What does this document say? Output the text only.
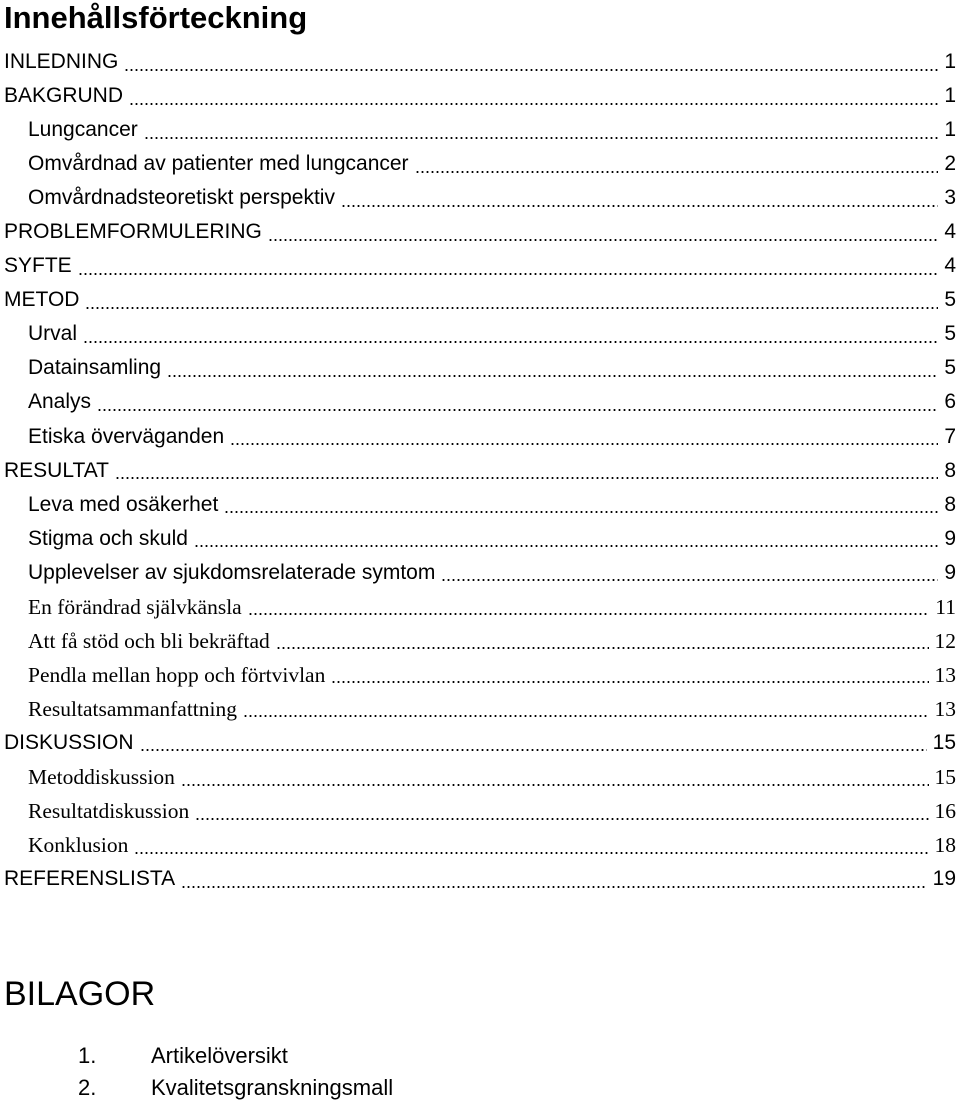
Innehållsförteckning
INLEDNING	1
BAKGRUND	1
Lungcancer	1
Omvårdnad av patienter med lungcancer	2
Omvårdnadsteoretiskt perspektiv	3
PROBLEMFORMULERING	4
SYFTE	4
METOD	5
Urval	5
Datainsamling	5
Analys	6
Etiska överväganden	7
RESULTAT	8
Leva med osäkerhet	8
Stigma och skuld	9
Upplevelser av sjukdomsrelaterade symtom	9
En förändrad självkänsla	11
Att få stöd och bli bekräftad	12
Pendla mellan hopp och förtvivlan	13
Resultatsammanfattning	13
DISKUSSION	15
Metoddiskussion	15
Resultatdiskussion	16
Konklusion	18
REFERENSLISTA	19
BILAGOR
1. Artikelöversikt
2. Kvalitetsgranskningsmall
